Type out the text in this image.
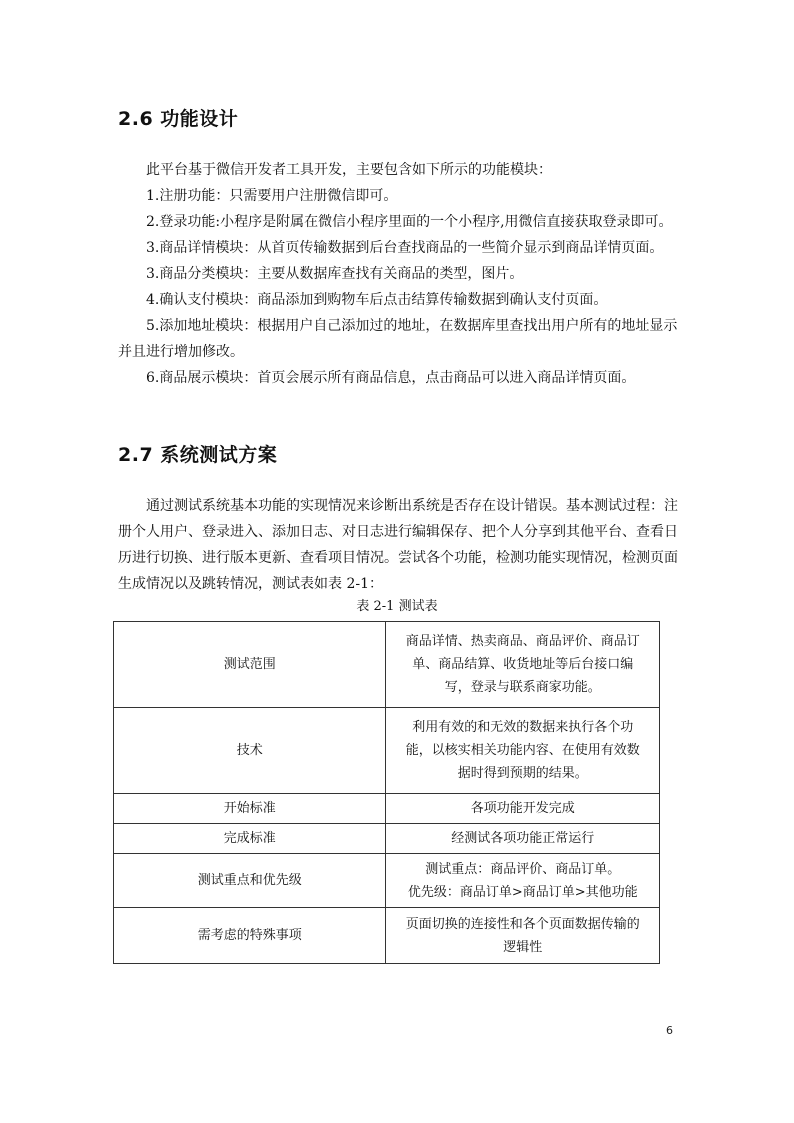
2.6 功能设计

此平台基于微信开发者工具开发，主要包含如下所示的功能模块：

1.注册功能：只需要用户注册微信即可。

2.登录功能:小程序是附属在微信小程序里面的一个小程序,用微信直接获取登录即可。

3.商品详情模块：从首页传输数据到后台查找商品的一些简介显示到商品详情页面。

3.商品分类模块：主要从数据库查找有关商品的类型，图片。

4.确认支付模块：商品添加到购物车后点击结算传输数据到确认支付页面。

5.添加地址模块：根据用户自己添加过的地址，在数据库里查找出用户所有的地址显示并且进行增加修改。

6.商品展示模块：首页会展示所有商品信息，点击商品可以进入商品详情页面。

2.7 系统测试方案

通过测试系统基本功能的实现情况来诊断出系统是否存在设计错误。基本测试过程：注册个人用户、登录进入、添加日志、对日志进行编辑保存、把个人分享到其他平台、查看日历进行切换、进行版本更新、查看项目情况。尝试各个功能，检测功能实现情况，检测页面生成情况以及跳转情况，测试表如表 2-1：

表 2-1 测试表
测试范围	商品详情、热卖商品、商品评价、商品订单、商品结算、收货地址等后台接口编写，登录与联系商家功能。
技术	利用有效的和无效的数据来执行各个功能，以核实相关功能内容、在使用有效数据时得到预期的结果。
开始标准	各项功能开发完成
完成标准	经测试各项功能正常运行
测试重点和优先级	测试重点：商品评价、商品订单。
优先级：商品订单>商品订单>其他功能

需考虑的特殊事项	页面切换的连接性和各个页面数据传输的逻辑性
6
